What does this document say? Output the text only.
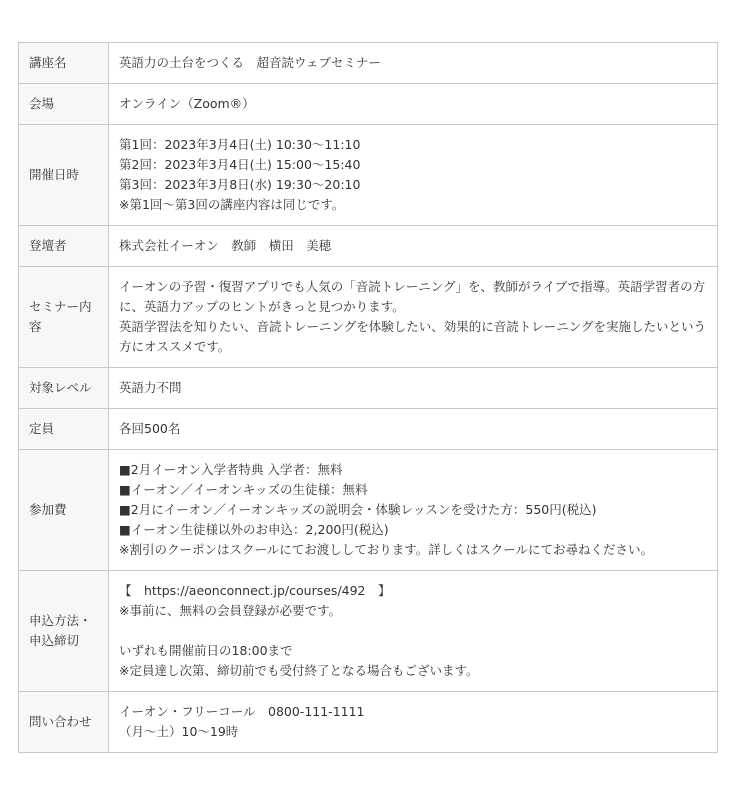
講座名	英語力の土台をつくる　超音読ウェブセミナー

会場	オンライン（Zoom®）

開催日時	第1回：2023年3月4日(土) 10:30～11:10
第2回：2023年3月4日(土) 15:00～15:40
第3回：2023年3月8日(水) 19:30～20:10
※第1回～第3回の講座内容は同じです。

登壇者	株式会社イーオン　教師　横田　美穂

セミナー内容	イーオンの予習・復習アプリでも人気の「音読トレーニング」を、教師がライブで指導。英語学習者の方に、英語力アップのヒントがきっと見つかります。
英語学習法を知りたい、音読トレーニングを体験したい、効果的に音読トレーニングを実施したいという方にオススメです。

対象レベル	英語力不問

定員	各回500名

参加費	■2月イーオン入学者特典 入学者：無料
■イーオン／イーオンキッズの生徒様：無料
■2月にイーオン／イーオンキッズの説明会・体験レッスンを受けた方：550円(税込)
■イーオン生徒様以外のお申込：2,200円(税込)
※割引のクーポンはスクールにてお渡ししております。詳しくはスクールにてお尋ねください。

申込方法・
申込締切	【　https://aeonconnect.jp/courses/492　】
※事前に、無料の会員登録が必要です。
いずれも開催前日の18:00まで
※定員達し次第、締切前でも受付終了となる場合もございます。

問い合わせ	イーオン・フリーコール　0800-111-1111
（月～土）10～19時
